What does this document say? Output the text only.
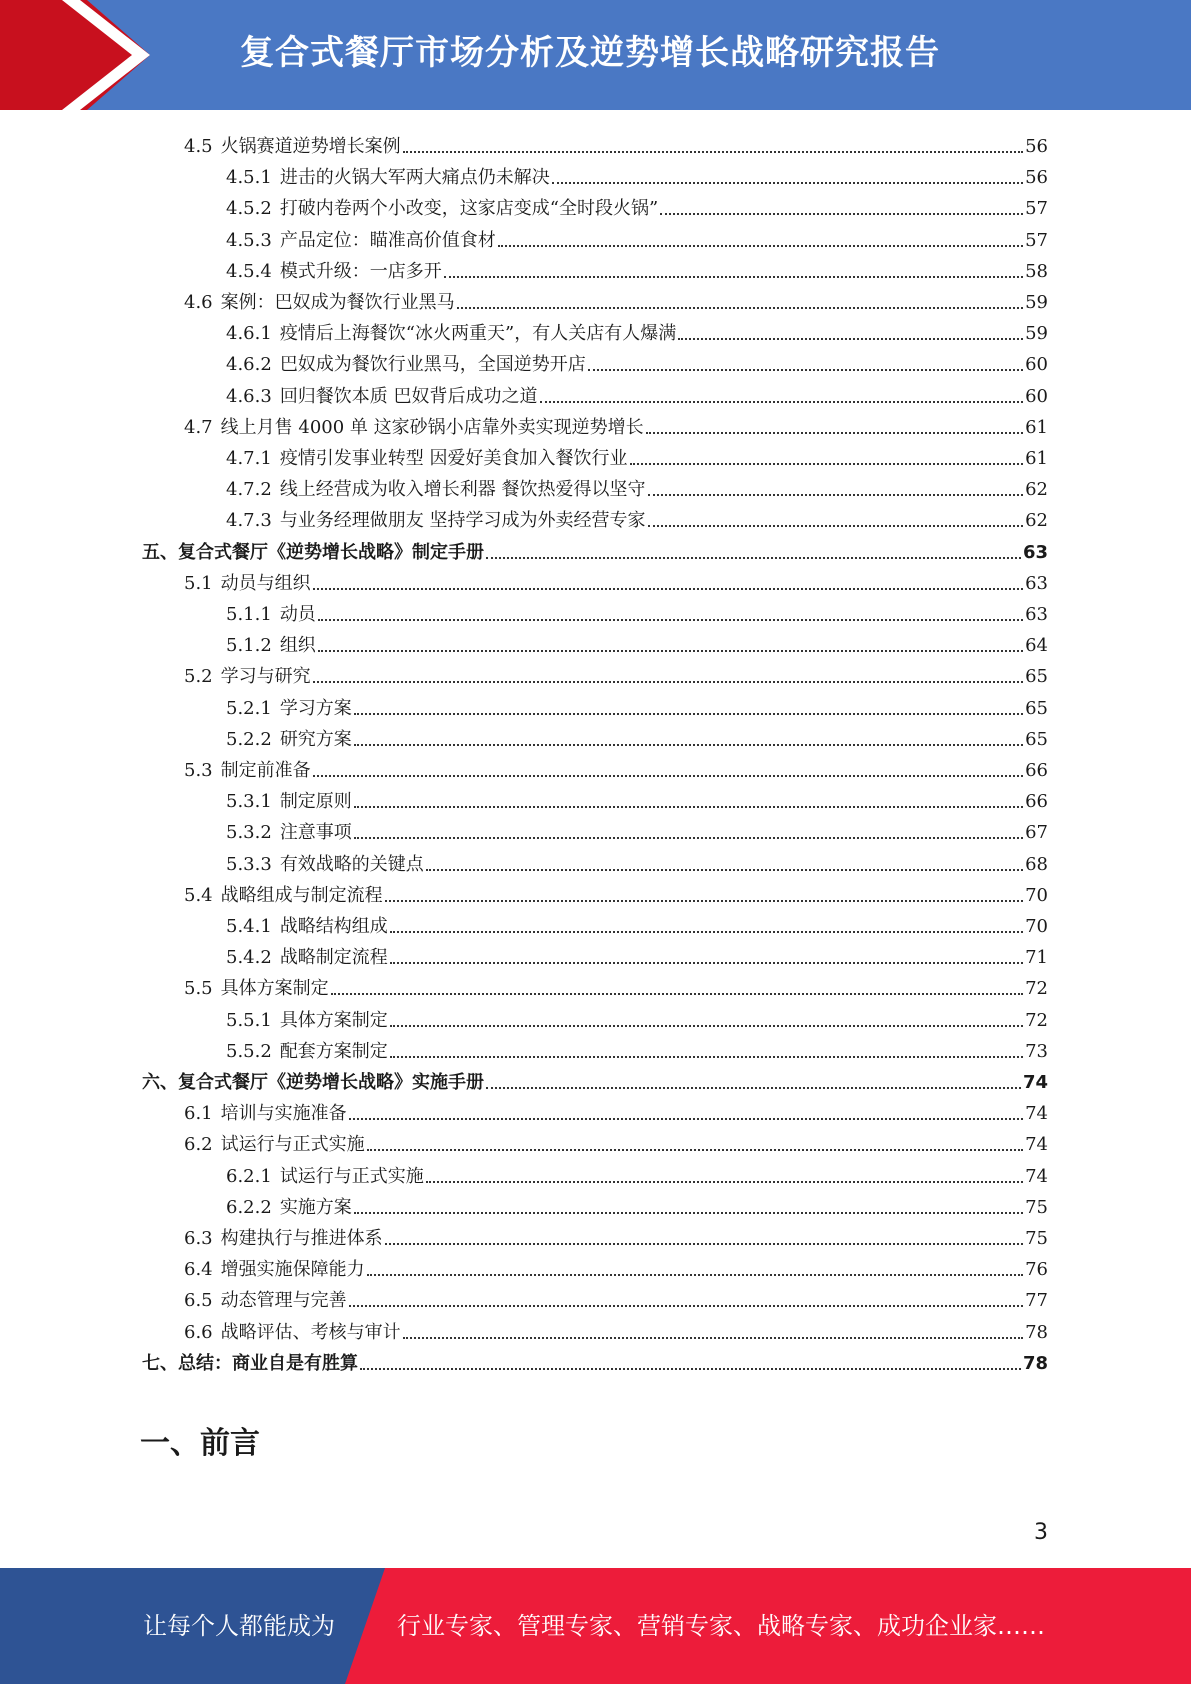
复合式餐厅市场分析及逆势增长战略研究报告
4.5 火锅赛道逆势增长案例	56
4.5.1 进击的火锅大军两大痛点仍未解决	56
4.5.2 打破内卷两个小改变，这家店变成“全时段火锅”	57
4.5.3 产品定位：瞄准高价值食材	57
4.5.4 模式升级：一店多开	58
4.6 案例：巴奴成为餐饮行业黑马	59
4.6.1 疫情后上海餐饮“冰火两重天”，有人关店有人爆满	59
4.6.2 巴奴成为餐饮行业黑马，全国逆势开店	60
4.6.3 回归餐饮本质 巴奴背后成功之道	60
4.7 线上月售 4000 单 这家砂锅小店靠外卖实现逆势增长	61
4.7.1 疫情引发事业转型 因爱好美食加入餐饮行业	61
4.7.2 线上经营成为收入增长利器 餐饮热爱得以坚守	62
4.7.3 与业务经理做朋友 坚持学习成为外卖经营专家	62
五、复合式餐厅《逆势增长战略》制定手册	63
5.1 动员与组织	63
5.1.1 动员	63
5.1.2 组织	64
5.2 学习与研究	65
5.2.1 学习方案	65
5.2.2 研究方案	65
5.3 制定前准备	66
5.3.1 制定原则	66
5.3.2 注意事项	67
5.3.3 有效战略的关键点	68
5.4 战略组成与制定流程	70
5.4.1 战略结构组成	70
5.4.2 战略制定流程	71
5.5 具体方案制定	72
5.5.1 具体方案制定	72
5.5.2 配套方案制定	73
六、复合式餐厅《逆势增长战略》实施手册	74
6.1 培训与实施准备	74
6.2 试运行与正式实施	74
6.2.1 试运行与正式实施	74
6.2.2 实施方案	75
6.3 构建执行与推进体系	75
6.4 增强实施保障能力	76
6.5 动态管理与完善	77
6.6 战略评估、考核与审计	78
七、总结：商业自是有胜算	78
一、前言
3
让每个人都能成为	行业专家、管理专家、营销专家、战略专家、成功企业家……
